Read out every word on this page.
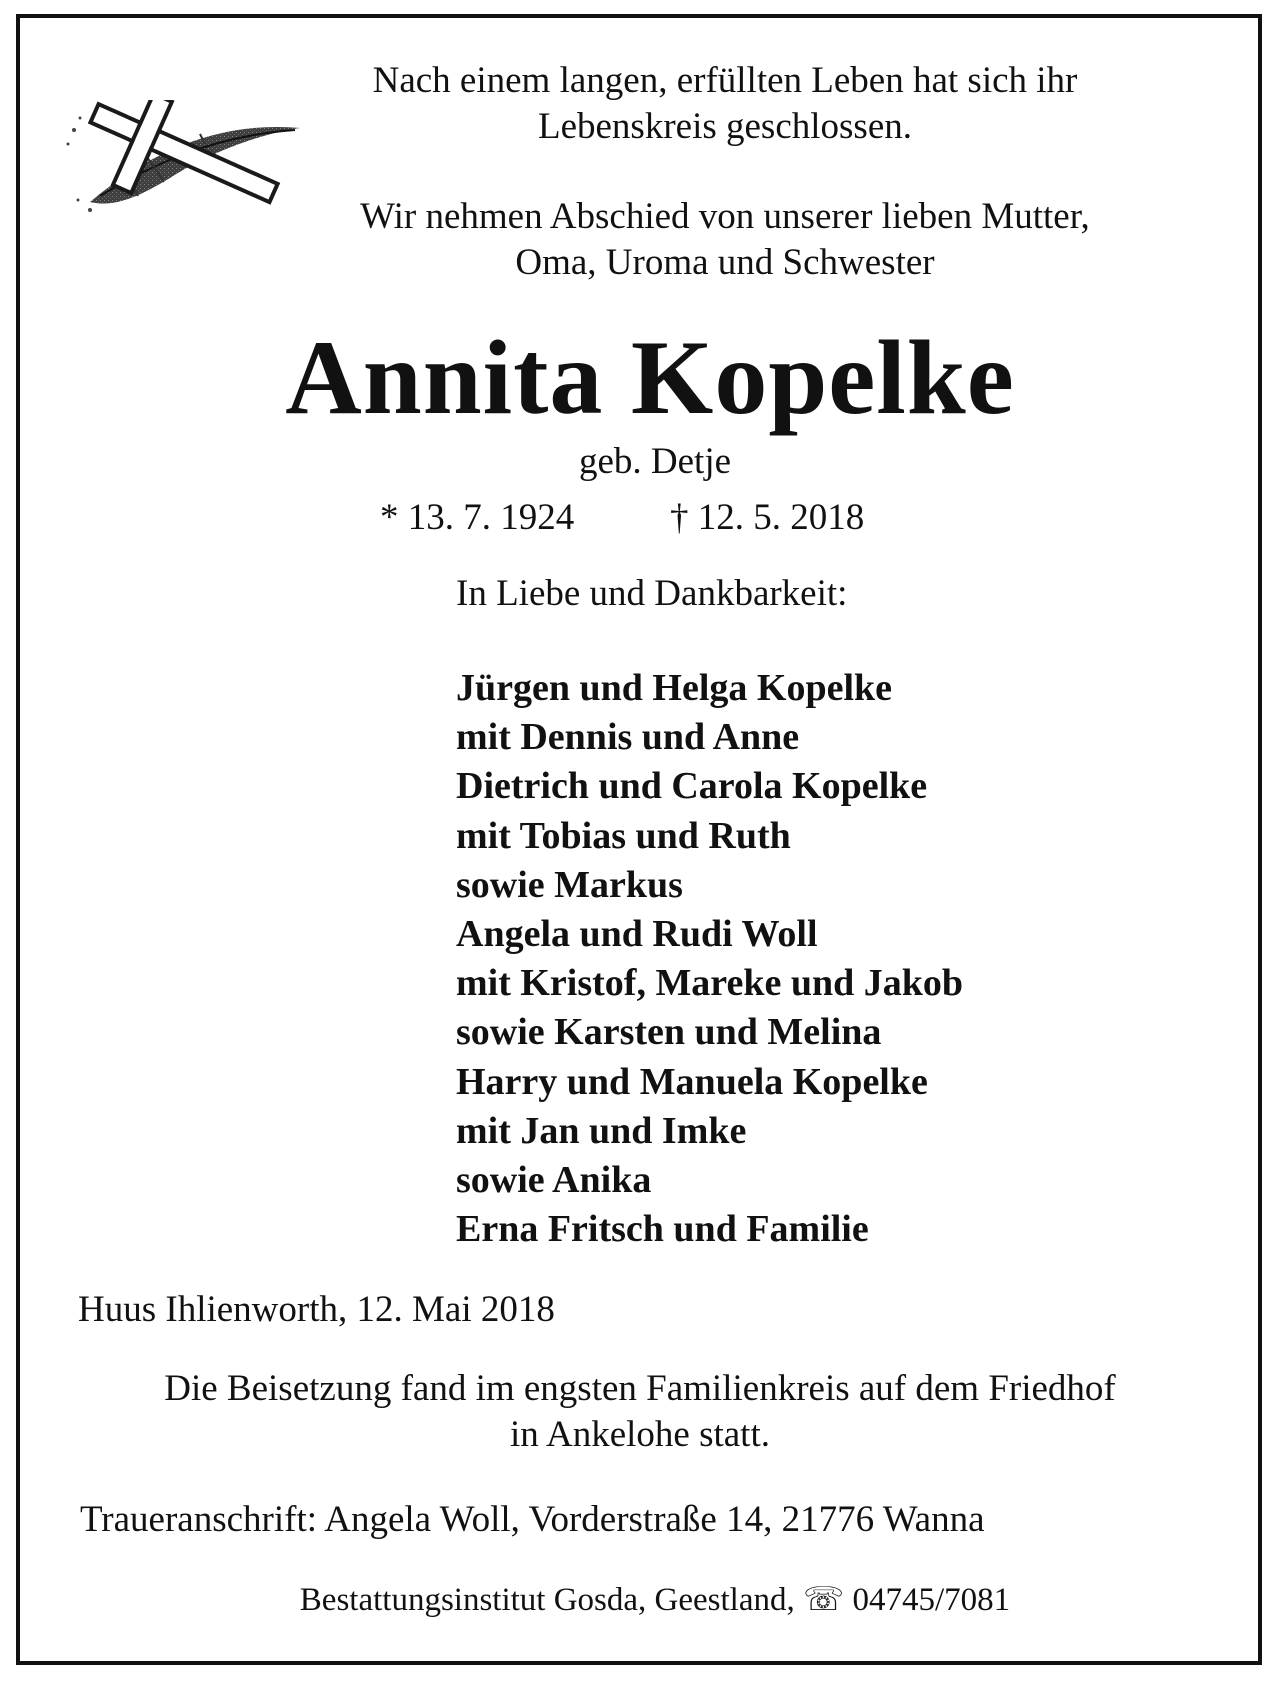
Nach einem langen, erfüllten Leben hat sich ihr
Lebenskreis geschlossen.
Wir nehmen Abschied von unserer lieben Mutter,
Oma, Uroma und Schwester
Annita Kopelke
geb. Detje
* 13. 7. 1924	† 12. 5. 2018
In Liebe und Dankbarkeit:
Jürgen und Helga Kopelke
mit Dennis und Anne
Dietrich und Carola Kopelke
mit Tobias und Ruth
sowie Markus
Angela und Rudi Woll
mit Kristof, Mareke und Jakob
sowie Karsten und Melina
Harry und Manuela Kopelke
mit Jan und Imke
sowie Anika
Erna Fritsch und Familie
Huus Ihlienworth, 12. Mai 2018
Die Beisetzung fand im engsten Familienkreis auf dem Friedhof
in Ankelohe statt.
Traueranschrift: Angela Woll, Vorderstraße 14, 21776 Wanna
Bestattungsinstitut Gosda, Geestland, ☏ 04745/7081
